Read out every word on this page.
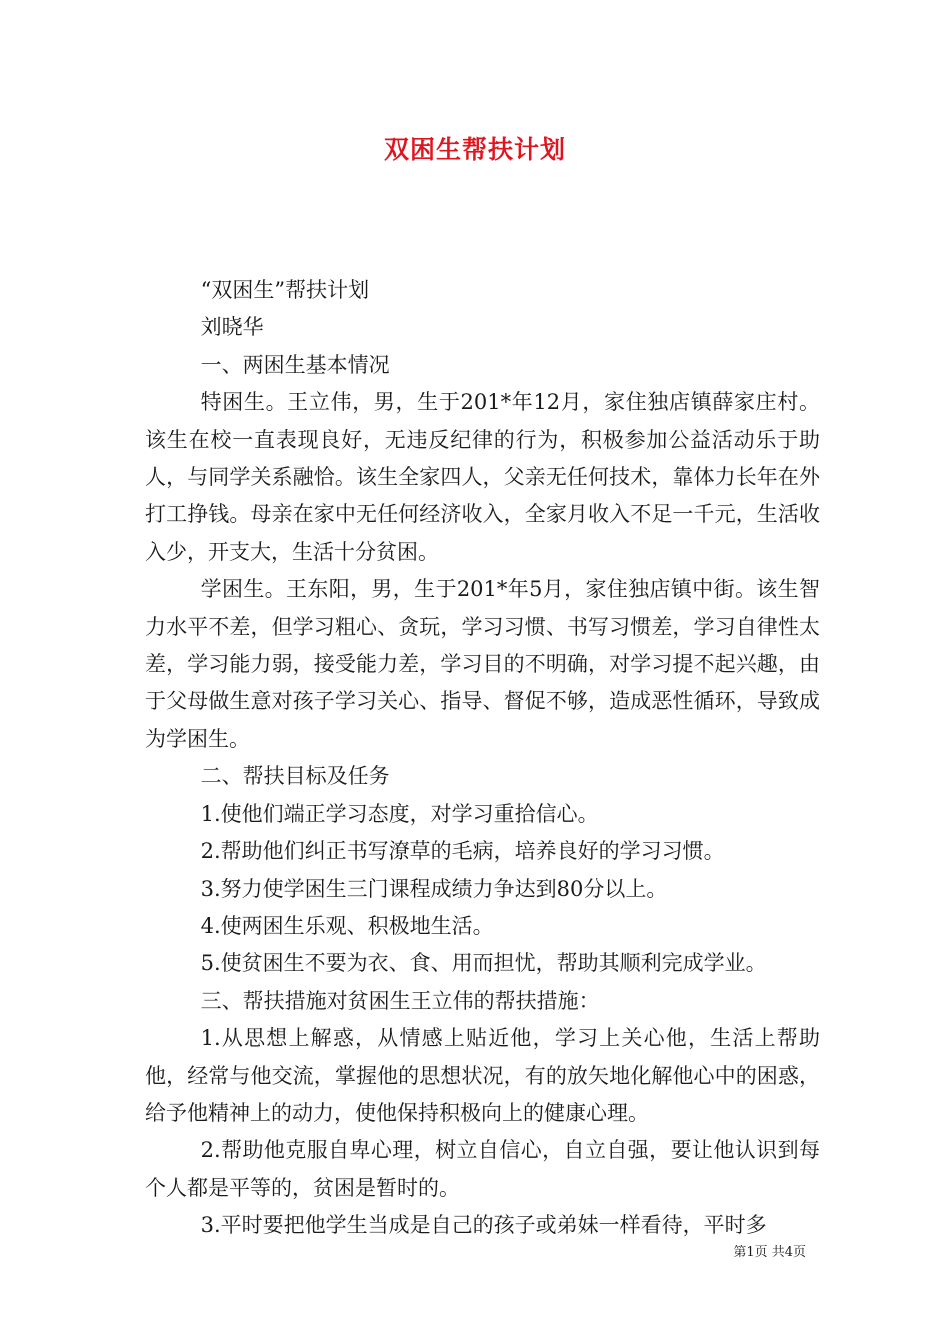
双困生帮扶计划

“双困生”帮扶计划

刘晓华

一、两困生基本情况

特困生。王立伟，男，生于201*年12月，家住独店镇薛家庄村。该生在校一直表现良好，无违反纪律的行为，积极参加公益活动乐于助人，与同学关系融恰。该生全家四人，父亲无任何技术，靠体力长年在外打工挣钱。母亲在家中无任何经济收入，全家月收入不足一千元，生活收入少，开支大，生活十分贫困。

学困生。王东阳，男，生于201*年5月，家住独店镇中街。该生智力水平不差，但学习粗心、贪玩，学习习惯、书写习惯差，学习自律性太差，学习能力弱，接受能力差，学习目的不明确，对学习提不起兴趣，由于父母做生意对孩子学习关心、指导、督促不够，造成恶性循环，导致成为学困生。

二、帮扶目标及任务

1.使他们端正学习态度，对学习重拾信心。

2.帮助他们纠正书写潦草的毛病，培养良好的学习习惯。

3.努力使学困生三门课程成绩力争达到80分以上。

4.使两困生乐观、积极地生活。

5.使贫困生不要为衣、食、用而担忧，帮助其顺利完成学业。

三、帮扶措施对贫困生王立伟的帮扶措施：

1.从思想上解惑，从情感上贴近他，学习上关心他，生活上帮助他，经常与他交流，掌握他的思想状况，有的放矢地化解他心中的困惑，给予他精神上的动力，使他保持积极向上的健康心理。

2.帮助他克服自卑心理，树立自信心，自立自强，要让他认识到每个人都是平等的，贫困是暂时的。

3.平时要把他学生当成是自己的孩子或弟妹一样看待，平时多

第1页 共4页
